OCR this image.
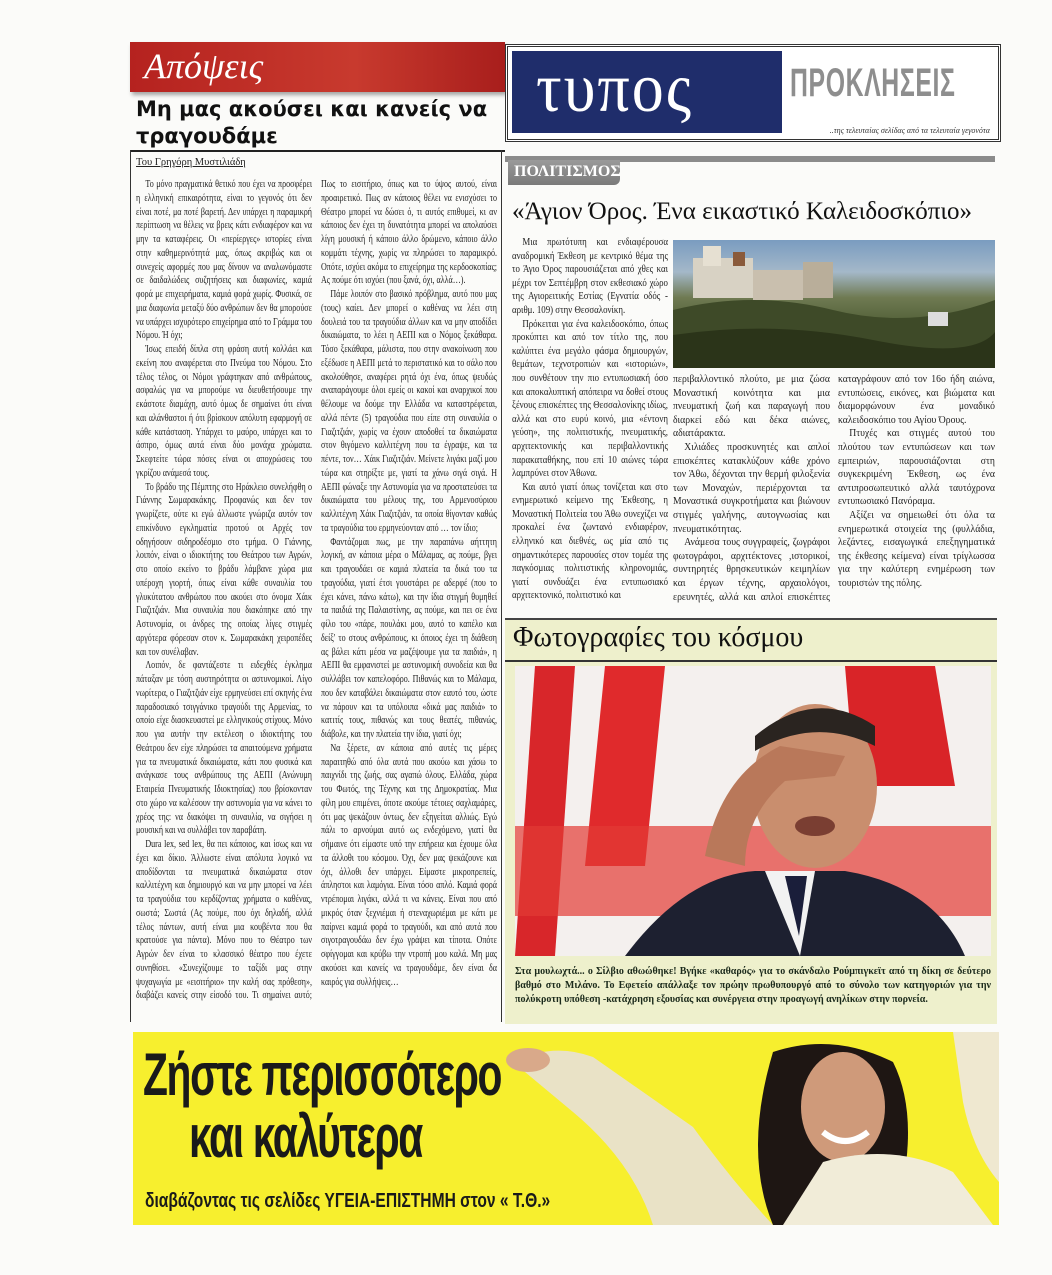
Απόψεις
Μη μας ακούσει και κανείς να τραγουδάμε
Του Γρηγόρη Μυστιλιάδη

Το μόνο πραγματικά θετικό που έχει να προσφέρει η ελληνική επικαιρότητα, είναι το γεγονός ότι δεν είναι ποτέ, μα ποτέ βαρετή. Δεν υπάρχει η παραμικρή περίπτωση να θέλεις να βρεις κάτι ενδιαφέρον και να μην τα καταφέρεις. Οι «περίεργες» ιστορίες είναι στην καθημερινότητά μας, όπως ακριβώς και οι συνεχείς αφορμές που μας δίνουν να αναλωνόμαστε σε δαιδαλώδεις συζητήσεις και διαφωνίες, καμιά φορά με επιχειρήματα, καμιά φορά χωρίς. Φυσικά, σε μια διαφωνία μεταξύ δύο ανθρώπων δεν θα μπορούσε να υπάρχει ισχυρότερο επιχείρημα από το Γράμμα του Νόμου. Ή όχι;

Ίσως επειδή δίπλα στη φράση αυτή κολλάει και εκείνη που αναφέρεται στο Πνεύμα του Νόμου. Στο τέλος τέλος, οι Νόμοι γράφτηκαν από ανθρώπους, ασφαλώς για να μπορούμε να διευθετήσουμε την εκάστοτε διαμάχη, αυτό όμως δε σημαίνει ότι είναι και αλάνθαστοι ή ότι βρίσκουν απόλυτη εφαρμογή σε κάθε κατάσταση. Υπάρχει το μαύρο, υπάρχει και το άσπρο, όμως αυτά είναι δύο μονάχα χρώματα. Σκεφτείτε τώρα πόσες είναι οι αποχρώσεις του γκρίζου ανάμεσά τους.

Το βράδυ της Πέμπτης στο Ηράκλειο συνελήφθη ο Γιάννης Σωμαρακάκης. Προφανώς και δεν τον γνωρίζετε, ούτε κι εγώ άλλωστε γνώριζα αυτόν τον επικίνδυνο εγκληματία προτού οι Αρχές τον οδηγήσουν σιδηροδέσμιο στο τμήμα. Ο Γιάννης, λοιπόν, είναι ο ιδιοκτήτης του Θεάτρου των Αγρών, στο οποίο εκείνο το βράδυ λάμβανε χώρα μια υπέροχη γιορτή, όπως είναι κάθε συναυλία του γλυκύτατου ανθρώπου που ακούει στο όνομα Χάικ Γιαζιτζιάν. Μια συναυλία που διακόπηκε από την Αστυνομία, οι άνδρες της οποίας λίγες στιγμές αργότερα φόρεσαν στον κ. Σωμαρακάκη χειροπέδες και τον συνέλαβαν.

Λοιπόν, δε φαντάζεστε τι ειδεχθές έγκλημα πάταξαν με τόση αυστηρότητα οι αστυνομικοί. Λίγο νωρίτερα, ο Γιαζιτζιάν είχε ερμηνεύσει επί σκηνής ένα παραδοσιακό τσιγγάνικο τραγούδι της Αρμενίας, το οποίο είχε διασκευαστεί με ελληνικούς στίχους. Μόνο που για αυτήν την εκτέλεση ο ιδιοκτήτης του Θεάτρου δεν είχε πληρώσει τα απαιτούμενα χρήματα για τα πνευματικά δικαιώματα, κάτι που φυσικά και ανάγκασε τους ανθρώπους της ΑΕΠΙ (Ανώνυμη Εταιρεία Πνευματικής Ιδιοκτησίας) που βρίσκονταν στο χώρο να καλέσουν την αστυνομία για να κάνει το χρέος της: να διακόψει τη συναυλία, να σιγήσει η μουσική και να συλλάβει τον παραβάτη.

Dura lex, sed lex, θα πει κάποιος, και ίσως και να έχει και δίκιο. Άλλωστε είναι απόλυτα λογικό να αποδίδονται τα πνευματικά δικαιώματα στον καλλιτέχνη και δημιουργό και να μην μπορεί να λέει τα τραγούδια του κερδίζοντας χρήματα ο καθένας, σωστά; Σωστά (Ας πούμε, που όχι δηλαδή, αλλά τέλος πάντων, αυτή είναι μια κουβέντα που θα κρατούσε για πάντα). Μόνο που το Θέατρο των Αγρών δεν είναι το κλασσικό θέατρο που έχετε συνηθίσει. «Συνεχίζουμε το ταξίδι μας στην ψυχαγωγία με «εισιτήριο» την καλή σας πρόθεση», διαβάζει κανείς στην είσοδό του. Τι σημαίνει αυτό; Πως το εισιτήριο, όπως και το ύψος αυτού, είναι προαιρετικό. Πως αν κάποιος θέλει να ενισχύσει το Θέατρο μπορεί να δώσει ό, τι αυτός επιθυμεί, κι αν κάποιος δεν έχει τη δυνατότητα μπορεί να απολαύσει λίγη μουσική ή κάποιο άλλο δρώμενο, κάποιο άλλο κομμάτι τέχνης, χωρίς να πληρώσει το παραμικρό. Οπότε, ισχύει ακόμα το επιχείρημα της κερδοσκοπίας; Ας πούμε ότι ισχύει (που ξανά, όχι, αλλά…).

Πάμε λοιπόν στο βασικό πρόβλημα, αυτό που μας (τους) καίει. Δεν μπορεί ο καθένας να λέει στη δουλειά του τα τραγούδια άλλων και να μην αποδίδει δικαιώματα, το λέει η ΑΕΠΙ και ο Νόμος ξεκάθαρα. Τόσο ξεκάθαρα, μάλιστα, που στην ανακοίνωση που εξέδωσε η ΑΕΠΙ μετά το περιστατικό και το σάλο που ακολούθησε, αναφέρει ρητά όχι ένα, όπως ψευδώς αναπαράγουμε όλοι εμείς οι κακοί και αναρχικοί που θέλουμε να δούμε την Ελλάδα να καταστρέφεται, αλλά πέντε (5) τραγούδια που είπε στη συναυλία ο Γιαζιτζιάν, χωρίς να έχουν αποδοθεί τα δικαιώματα στον θιγόμενο καλλιτέχνη που τα έγραψε, και τα πέντε, τον… Χάικ Γιαζιτζιάν. Μείνετε λιγάκι μαζί μου τώρα και στηρίξτε με, γιατί τα χάνω σιγά σιγά. Η ΑΕΠΙ φώναξε την Αστυνομία για να προστατεύσει τα δικαιώματα του μέλους της, του Αρμενοσύριου καλλιτέχνη Χάικ Γιαζιτζιάν, τα οποία θίγονταν καθώς τα τραγούδια του ερμηνεύονταν από … τον ίδιο;

Φαντάζομαι πως, με την παραπάνω αήττητη λογική, αν κάποια μέρα ο Μάλαμας, ας πούμε, βγει και τραγουδάει σε καμιά πλατεία τα δικά του τα τραγούδια, γιατί έτσι γουστάρει ρε αδερφέ (που το έχει κάνει, πάνω κάτω), και την ίδια στιγμή θυμηθεί τα παιδιά της Παλαιστίνης, ας πούμε, και πει σε ένα φίλο του «πάρε, πουλάκι μου, αυτό το καπέλο και δείξ' το στους ανθρώπους, κι όποιος έχει τη διάθεση ας βάλει κάτι μέσα να μαζέψουμε για τα παιδιά», η ΑΕΠΙ θα εμφανιστεί με αστυνομική συνοδεία και θα συλλάβει τον καπελοφόρο. Πιθανώς και το Μάλαμα, που δεν καταβάλει δικαιώματα στον εαυτό του, ώστε να πάρουν και τα υπόλοιπα «δικά μας παιδιά» το κατιτίς τους, πιθανώς και τους θεατές, πιθανώς, διάβολε, και την πλατεία την ίδια, γιατί όχι;

Να ξέρετε, αν κάποια από αυτές τις μέρες παραιτηθώ από όλα αυτά που ακούω και χάσω το παιχνίδι της ζωής, σας αγαπώ όλους. Ελλάδα, χώρα του Φωτός, της Τέχνης και της Δημοκρατίας. Μια φίλη μου επιμένει, όποτε ακούμε τέτοιες σαχλαμάρες, ότι μας ψεκάζουν όντως, δεν εξηγείται αλλιώς. Εγώ πάλι το αρνούμαι αυτό ως ενδεχόμενο, γιατί θα σήμαινε ότι είμαστε υπό την επήρεια και έχουμε όλα τα άλλοθι του κόσμου. Όχι, δεν μας ψεκάζουνε και όχι, άλλοθι δεν υπάρχει. Είμαστε μικροπρεπείς, άπληστοι και λαμόγια. Είναι τόσο απλό. Καμιά φορά ντρέπομαι λιγάκι, αλλά τι να κάνεις. Είναι που από μικρός όταν ξεχνιέμαι ή στεναχωριέμαι με κάτι με παίρνει καμιά φορά το τραγούδι, και από αυτά που σιγοτραγουδάω δεν έχω γράψει και τίποτα. Οπότε σφίγγομαι και κρύβω την ντροπή μου καλά. Μη μας ακούσει και κανείς να τραγουδάμε, δεν είναι δα καιρός για συλλήψεις…

τυπος ΠΡΟΚΛΗΣΕΙΣ
..της τελευταίας σελίδας από τα τελευταία γεγονότα
ΠΟΛΙΤΙΣΜΟΣ
«Άγιον Όρος. Ένα εικαστικό Καλειδοσκόπιο»

Μια πρωτότυπη και ενδιαφέρουσα αναδρομική Έκθεση με κεντρικό θέμα της το Άγιο Όρος παρουσιάζεται από χθες και μέχρι τον Σεπτέμβρη στον εκθεσιακό χώρο της Αγιορειτικής Εστίας (Εγνατία οδός - αριθμ. 109) στην Θεσσαλονίκη.

Πρόκειται για ένα καλειδοσκόπιο, όπως προκύπτει και από τον τίτλο της, που καλύπτει ένα μεγάλο φάσμα δημιουργών, θεμάτων, τεχνοτροπιών και «ιστοριών», που συνθέτουν την πιο εντυπωσιακή όσο και αποκαλυπτική απόπειρα να δοθεί στους ξένους επισκέπτες της Θεσσαλονίκης ιδίως, αλλά και στο ευρύ κοινό, μια «έντονη γεύση», της πολιτιστικής, πνευματικής, αρχιτεκτονικής και περιβαλλοντικής παρακαταθήκης, που επί 10 αιώνες τώρα λαμπρύνει στον Άθωνα.

Και αυτό γιατί όπως τονίζεται και στο ενημερωτικό κείμενο της Έκθεσης, η Μοναστική Πολιτεία του Άθω συνεχίζει να προκαλεί ένα ζωντανό ενδιαφέρον, ελληνικό και διεθνές, ως μία από τις σημαντικότερες παρουσίες στον τομέα της παγκόσμιας πολιτιστικής κληρονομιάς, γιατί συνδυάζει ένα εντυπωσιακό αρχιτεκτονικό, πολιτιστικό και

περιβαλλοντικό πλούτο, με μια ζώσα Μοναστική κοινότητα και μια πνευματική ζωή και παραγωγή που διαρκεί εδώ και δέκα αιώνες, αδιατάρακτα.

Χιλιάδες προσκυνητές και απλοί επισκέπτες κατακλύζουν κάθε χρόνο τον Άθω, δέχονται την θερμή φιλοξενία των Μοναχών, περιέρχονται τα Μοναστικά συγκροτήματα και βιώνουν στιγμές γαλήνης, αυτογνωσίας και πνευματικότητας.

Ανάμεσα τους συγγραφείς, ζωγράφοι φωτογράφοι, αρχιτέκτονες ,ιστορικοί, συντηρητές θρησκευτικών κειμηλίων και έργων τέχνης, αρχαιολόγοι, ερευνητές, αλλά και απλοί επισκέπτες καταγράφουν από τον 16ο ήδη αιώνα, εντυπώσεις, εικόνες, και βιώματα και διαμορφώνουν ένα μοναδικό καλειδοσκόπιο του Αγίου Όρους.

Πτυχές και στιγμές αυτού του πλούτου των εντυπώσεων και των εμπειριών, παρουσιάζονται στη συγκεκριμένη Έκθεση, ως ένα αντιπροσωπευτικό αλλά ταυτόχρονα εντυπωσιακό Πανόραμα.

Αξίζει να σημειωθεί ότι όλα τα ενημερωτικά στοιχεία της (φυλλάδια, λεζάντες, εισαγωγικά επεξηγηματικά της έκθεσης κείμενα) είναι τρίγλωσσα για την καλύτερη ενημέρωση των τουριστών της πόλης.

Φωτογραφίες του κόσμου
Στα μουλωχτά... ο Σίλβιο αθωώθηκε! Βγήκε «καθαρός» για το σκάνδαλο Ρούμπιγκεϊτ από τη δίκη σε δεύτερο βαθμό στο Μιλάνο. Το Εφετείο απάλλαξε τον πρώην πρωθυπουργό από το σύνολο των κατηγοριών για την πολύκροτη υπόθεση -κατάχρηση εξουσίας και συνέργεια στην προαγωγή ανηλίκων στην πορνεία.
Ζήστε περισσότερο
και καλύτερα
διαβάζοντας τις σελίδες ΥΓΕΙΑ-ΕΠΙΣΤΗΜΗ στον « Τ.Θ.»
